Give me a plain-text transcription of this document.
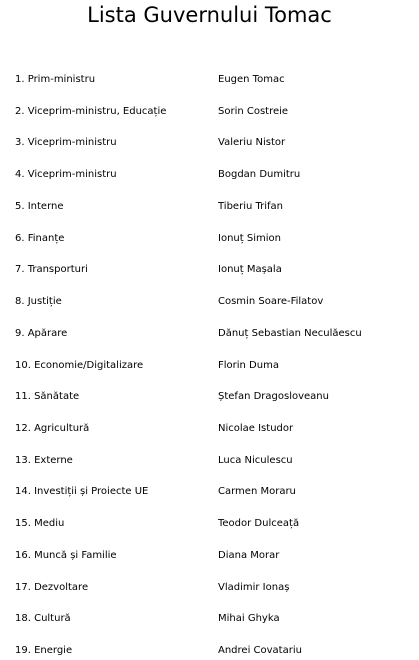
Lista Guvernului Tomac
1. Prim-ministru	Eugen Tomac
2. Viceprim-ministru, Educație	Sorin Costreie
3. Viceprim-ministru	Valeriu Nistor
4. Viceprim-ministru	Bogdan Dumitru
5. Interne	Tiberiu Trifan
6. Finanțe	Ionuț Simion
7. Transporturi	Ionuț Mașala
8. Justiție	Cosmin Soare-Filatov
9. Apărare	Dănuț Sebastian Neculăescu
10. Economie/Digitalizare	Florin Duma
11. Sănătate	Ștefan Dragosloveanu
12. Agricultură	Nicolae Istudor
13. Externe	Luca Niculescu
14. Investiții și Proiecte UE	Carmen Moraru
15. Mediu	Teodor Dulceață
16. Muncă și Familie	Diana Morar
17. Dezvoltare	Vladimir Ionaș
18. Cultură	Mihai Ghyka
19. Energie	Andrei Covatariu
